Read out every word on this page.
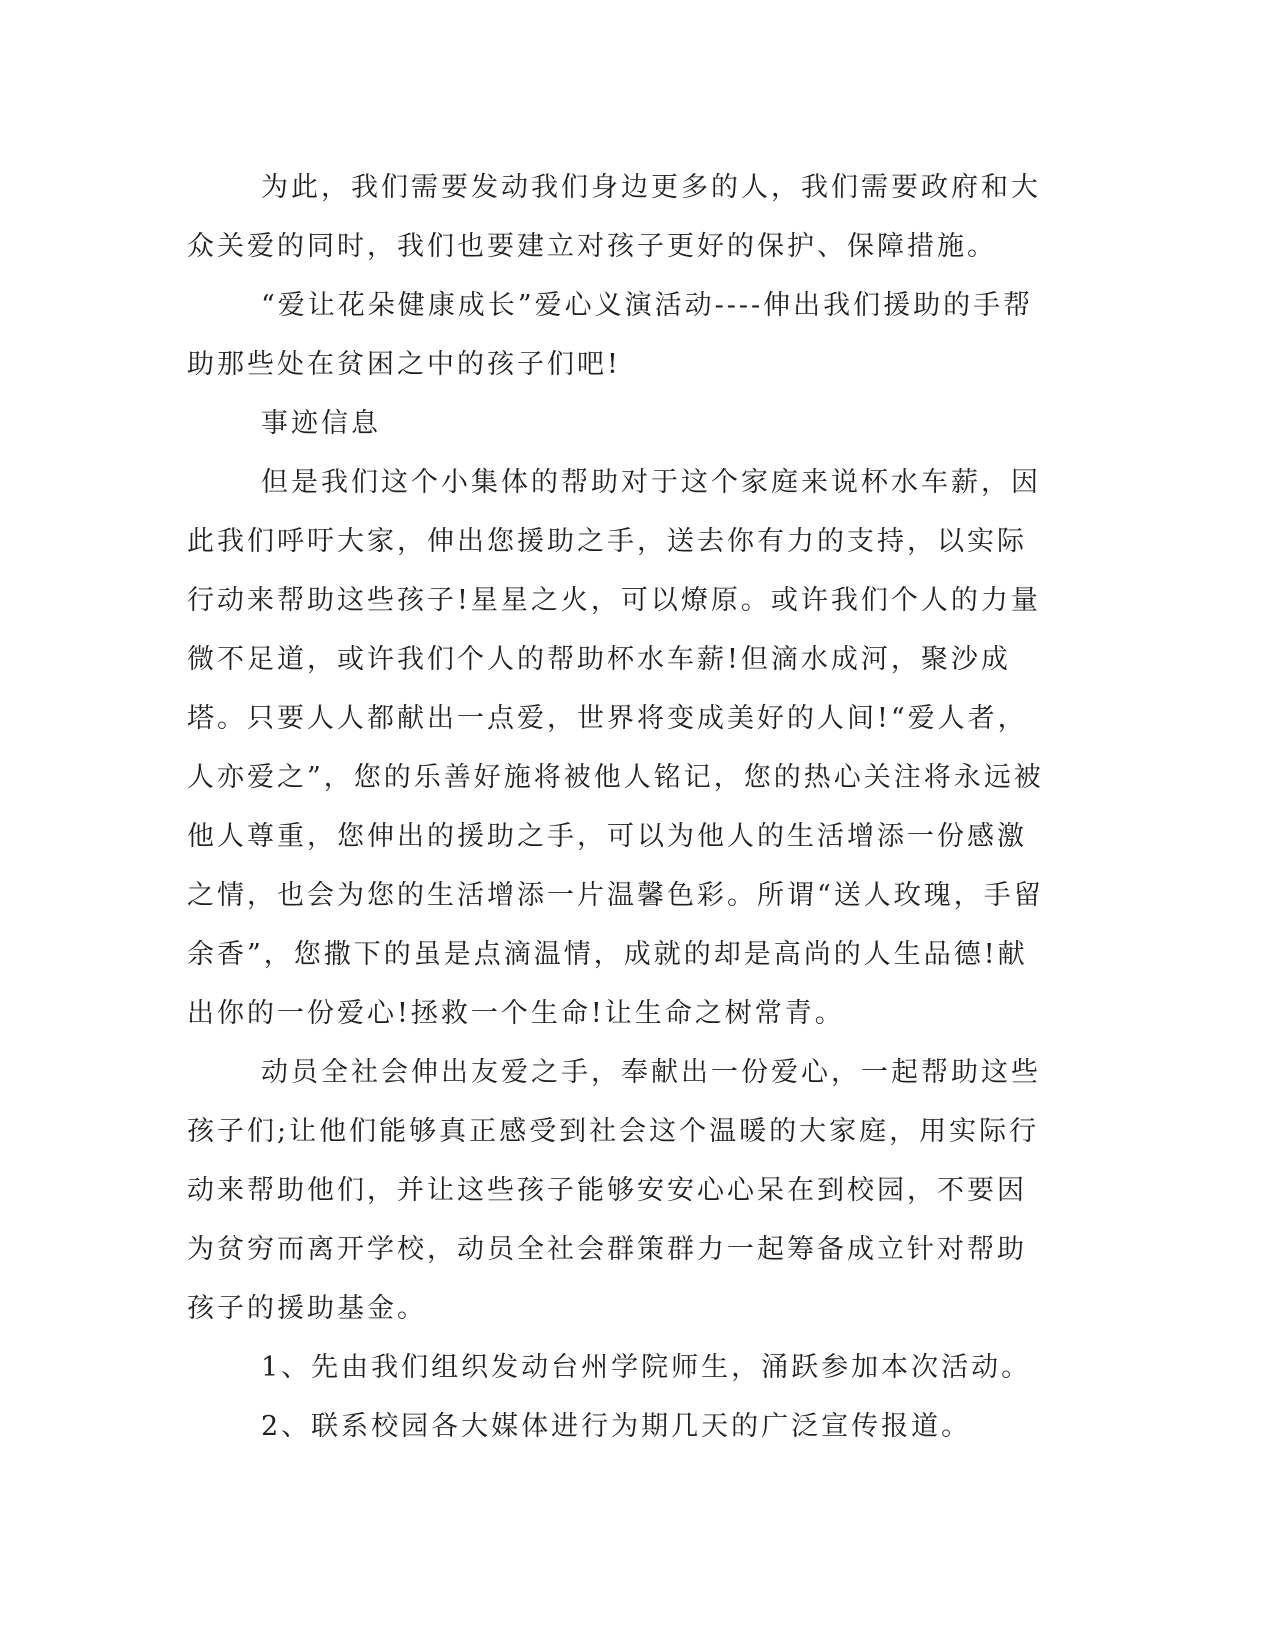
为此，我们需要发动我们身边更多的人，我们需要政府和大众关爱的同时，我们也要建立对孩子更好的保护、保障措施。

“爱让花朵健康成长”爱心义演活动----伸出我们援助的手帮助那些处在贫困之中的孩子们吧!

事迹信息

但是我们这个小集体的帮助对于这个家庭来说杯水车薪，因此我们呼吁大家，伸出您援助之手，送去你有力的支持，以实际行动来帮助这些孩子!星星之火，可以燎原。或许我们个人的力量微不足道，或许我们个人的帮助杯水车薪!但滴水成河，聚沙成塔。只要人人都献出一点爱，世界将变成美好的人间!“爱人者，人亦爱之”，您的乐善好施将被他人铭记，您的热心关注将永远被他人尊重，您伸出的援助之手，可以为他人的生活增添一份感激之情，也会为您的生活增添一片温馨色彩。所谓“送人玫瑰，手留余香”，您撒下的虽是点滴温情，成就的却是高尚的人生品德!献出你的一份爱心!拯救一个生命!让生命之树常青。

动员全社会伸出友爱之手，奉献出一份爱心，一起帮助这些孩子们;让他们能够真正感受到社会这个温暖的大家庭，用实际行动来帮助他们，并让这些孩子能够安安心心呆在到校园，不要因为贫穷而离开学校，动员全社会群策群力一起筹备成立针对帮助孩子的援助基金。

1、先由我们组织发动台州学院师生，涌跃参加本次活动。

2、联系校园各大媒体进行为期几天的广泛宣传报道。
